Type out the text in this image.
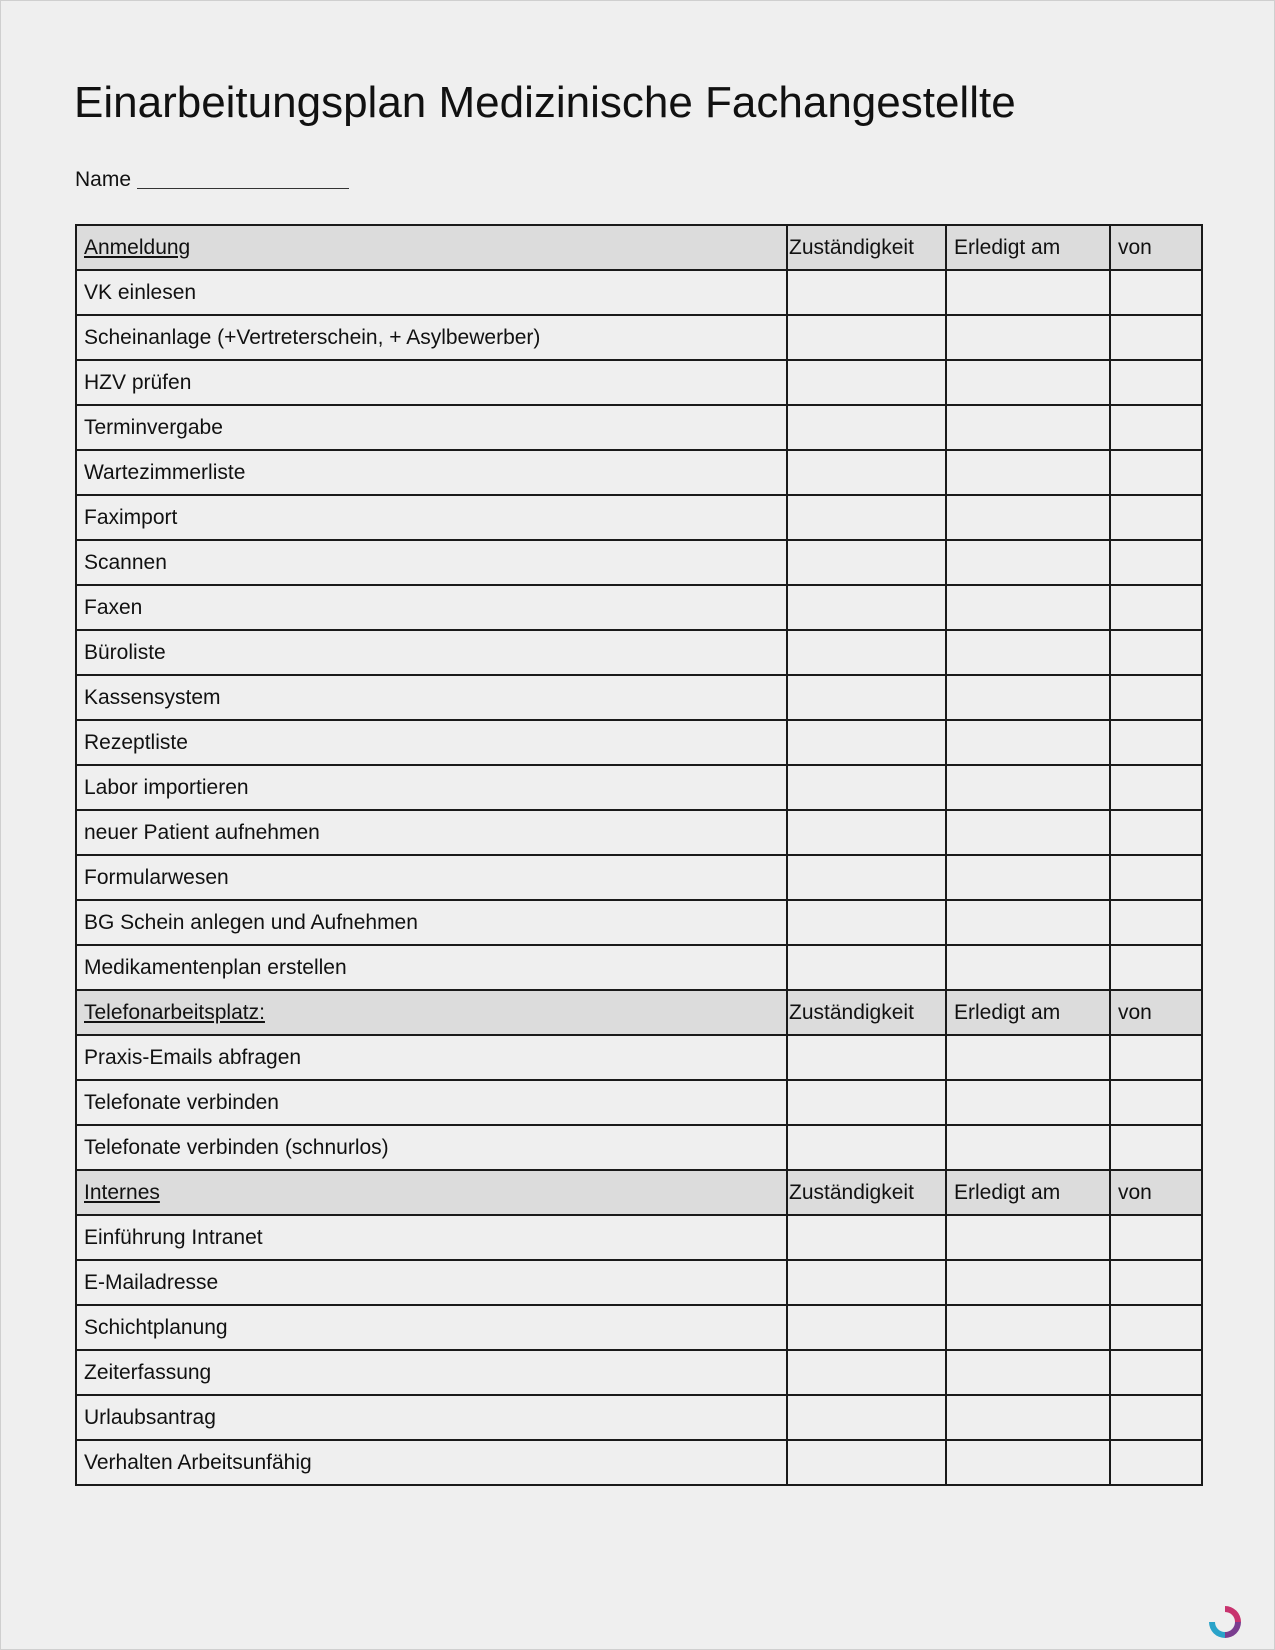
Einarbeitungsplan Medizinische Fachangestellte
Name
Anmeldung	Zuständigkeit	Erledigt am	von
VK einlesen			
Scheinanlage (+Vertreterschein, + Asylbewerber)			
HZV prüfen			
Terminvergabe			
Wartezimmerliste			
Faximport			
Scannen			
Faxen			
Büroliste			
Kassensystem			
Rezeptliste			
Labor importieren			
neuer Patient aufnehmen			
Formularwesen			
BG Schein anlegen und Aufnehmen			
Medikamentenplan erstellen			
Telefonarbeitsplatz:	Zuständigkeit	Erledigt am	von
Praxis-Emails abfragen			
Telefonate verbinden			
Telefonate verbinden (schnurlos)			
Internes	Zuständigkeit	Erledigt am	von
Einführung Intranet			
E-Mailadresse			
Schichtplanung			
Zeiterfassung			
Urlaubsantrag			
Verhalten Arbeitsunfähig			
